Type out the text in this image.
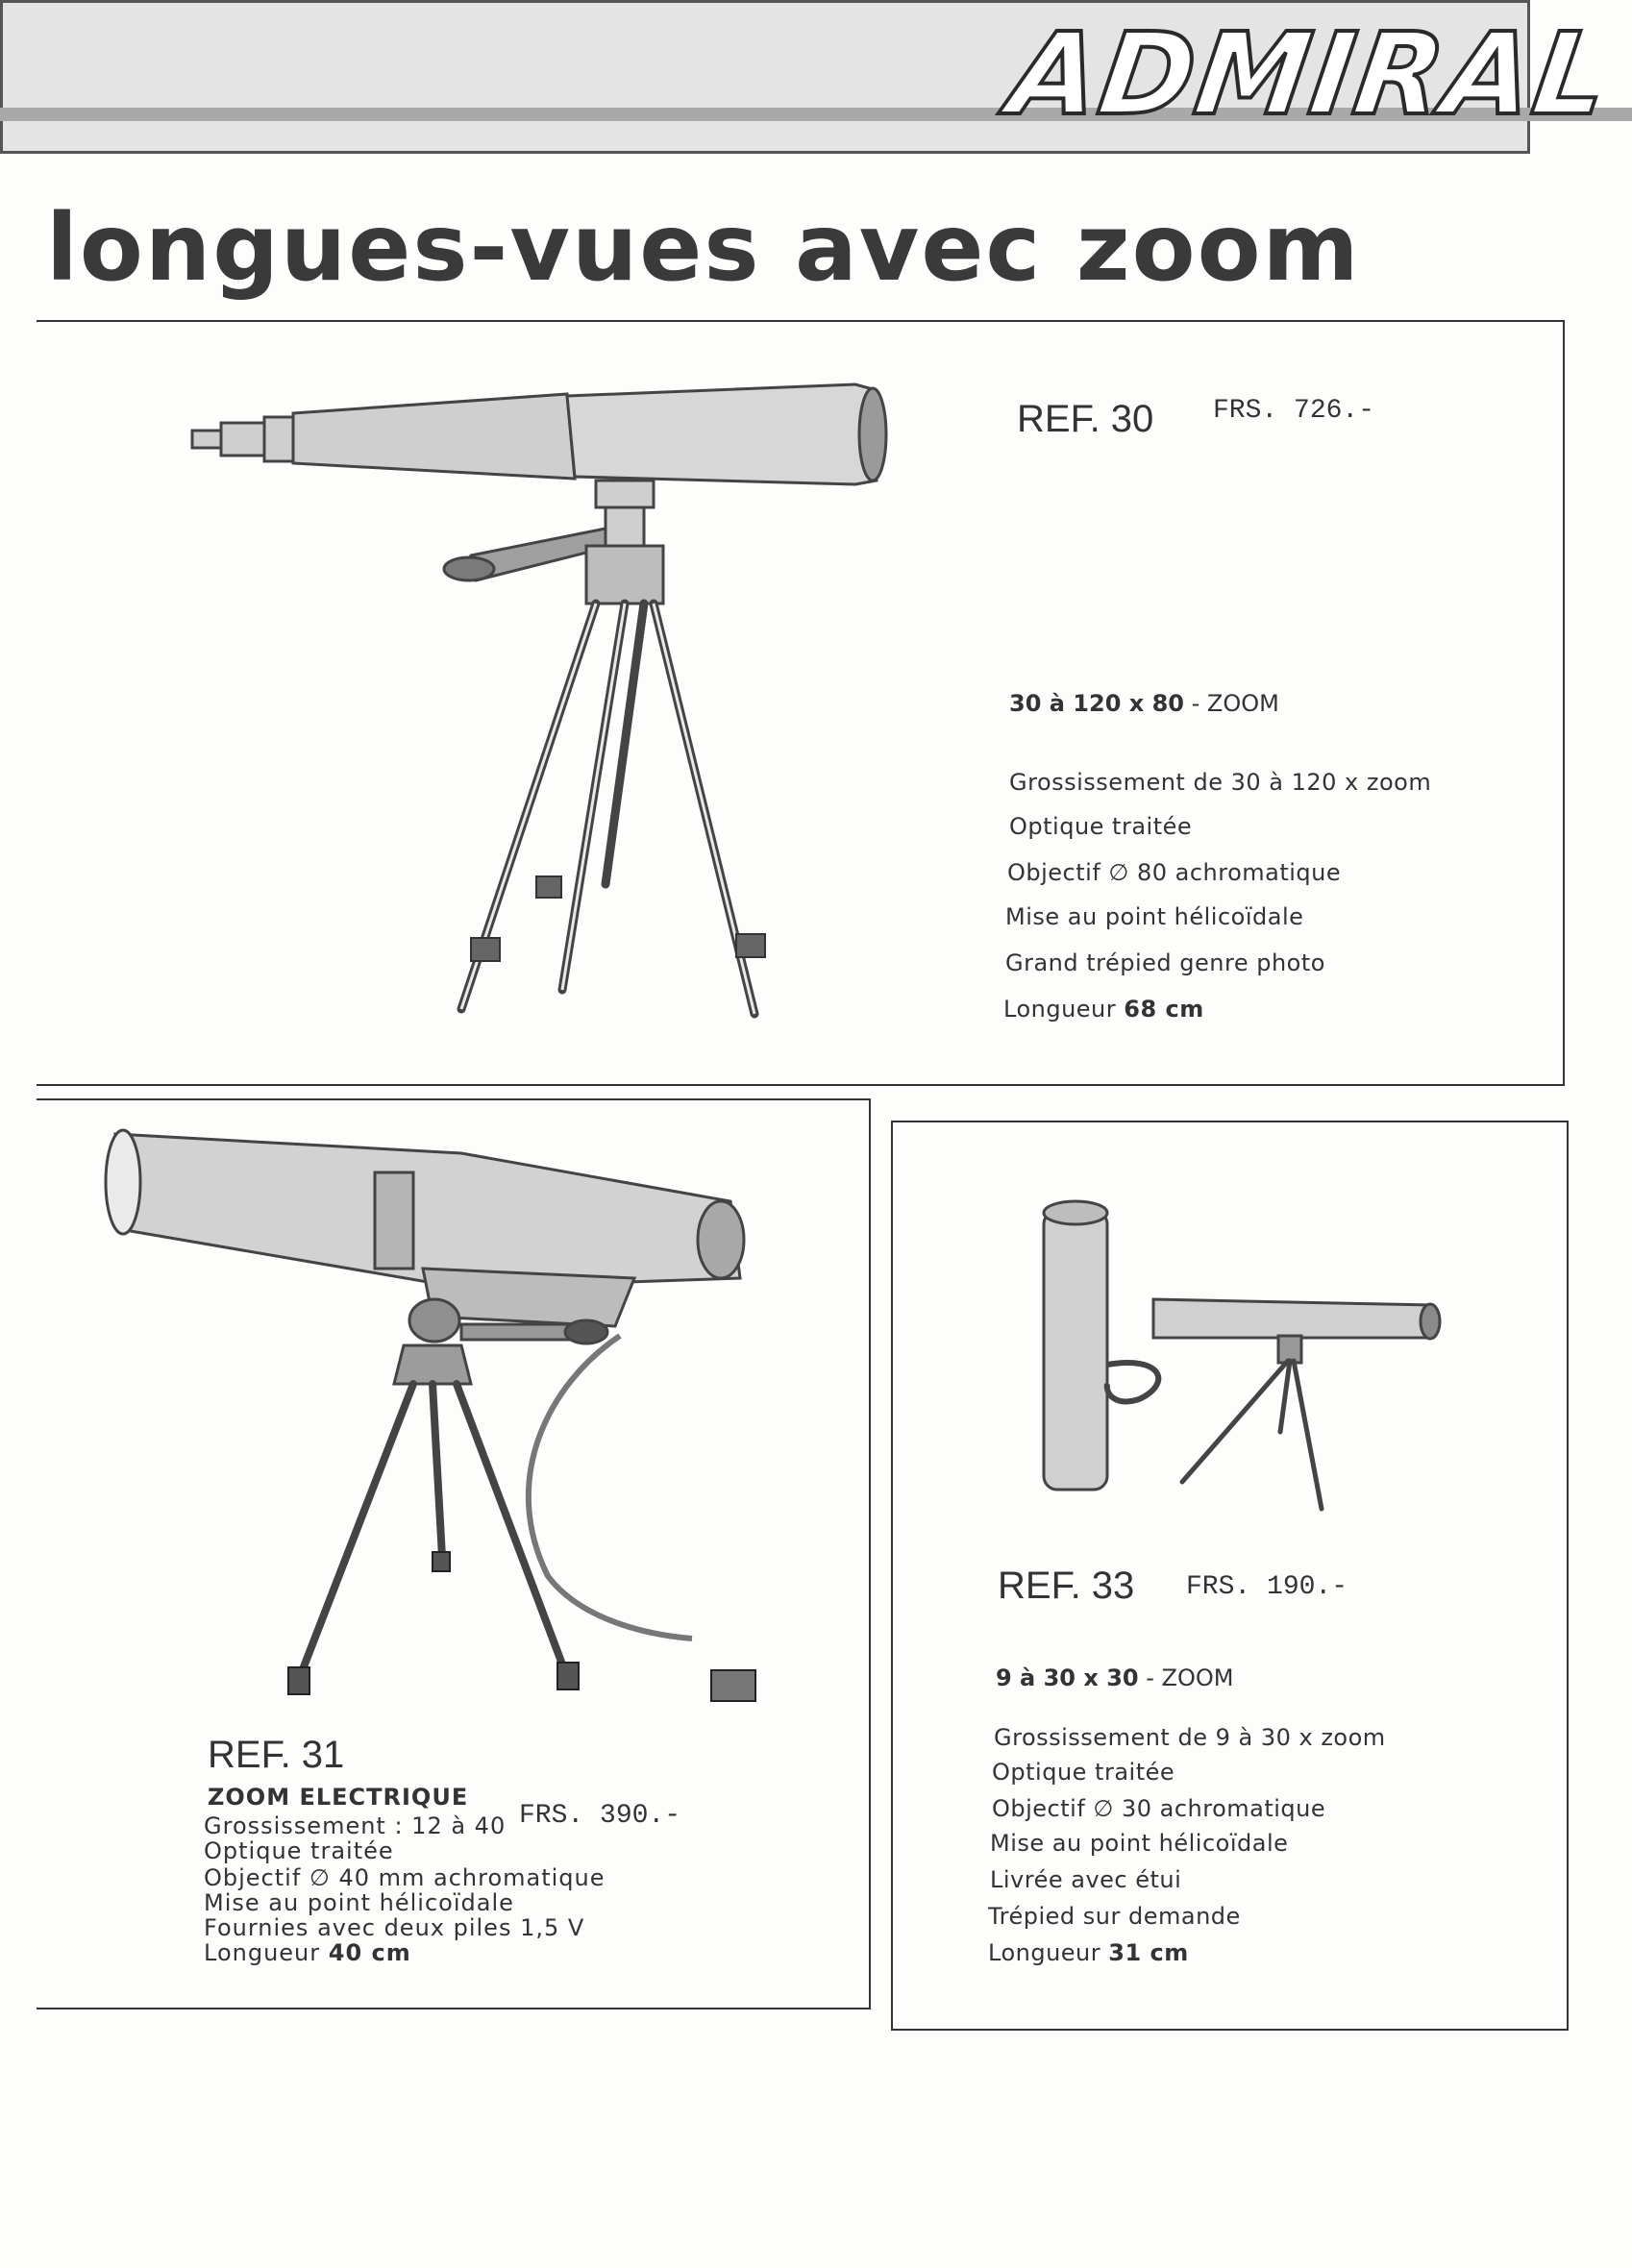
ADMIRAL
longues-vues avec zoom
REF. 30 FRS. 726.-
30 à 120 x 80 - ZOOM
Grossissement de 30 à 120 x zoom
Optique traitée
Objectif ∅ 80 achromatique
Mise au point hélicoïdale
Grand trépied genre photo
Longueur 68 cm
REF. 31
ZOOM ELECTRIQUE
FRS. 390.-
Grossissement : 12 à 40
Optique traitée
Objectif ∅ 40 mm achromatique
Mise au point hélicoïdale
Fournies avec deux piles 1,5 V
Longueur 40 cm
REF. 33 FRS. 190.-
9 à 30 x 30 - ZOOM
Grossissement de 9 à 30 x zoom
Optique traitée
Objectif ∅ 30 achromatique
Mise au point hélicoïdale
Livrée avec étui
Trépied sur demande
Longueur 31 cm
